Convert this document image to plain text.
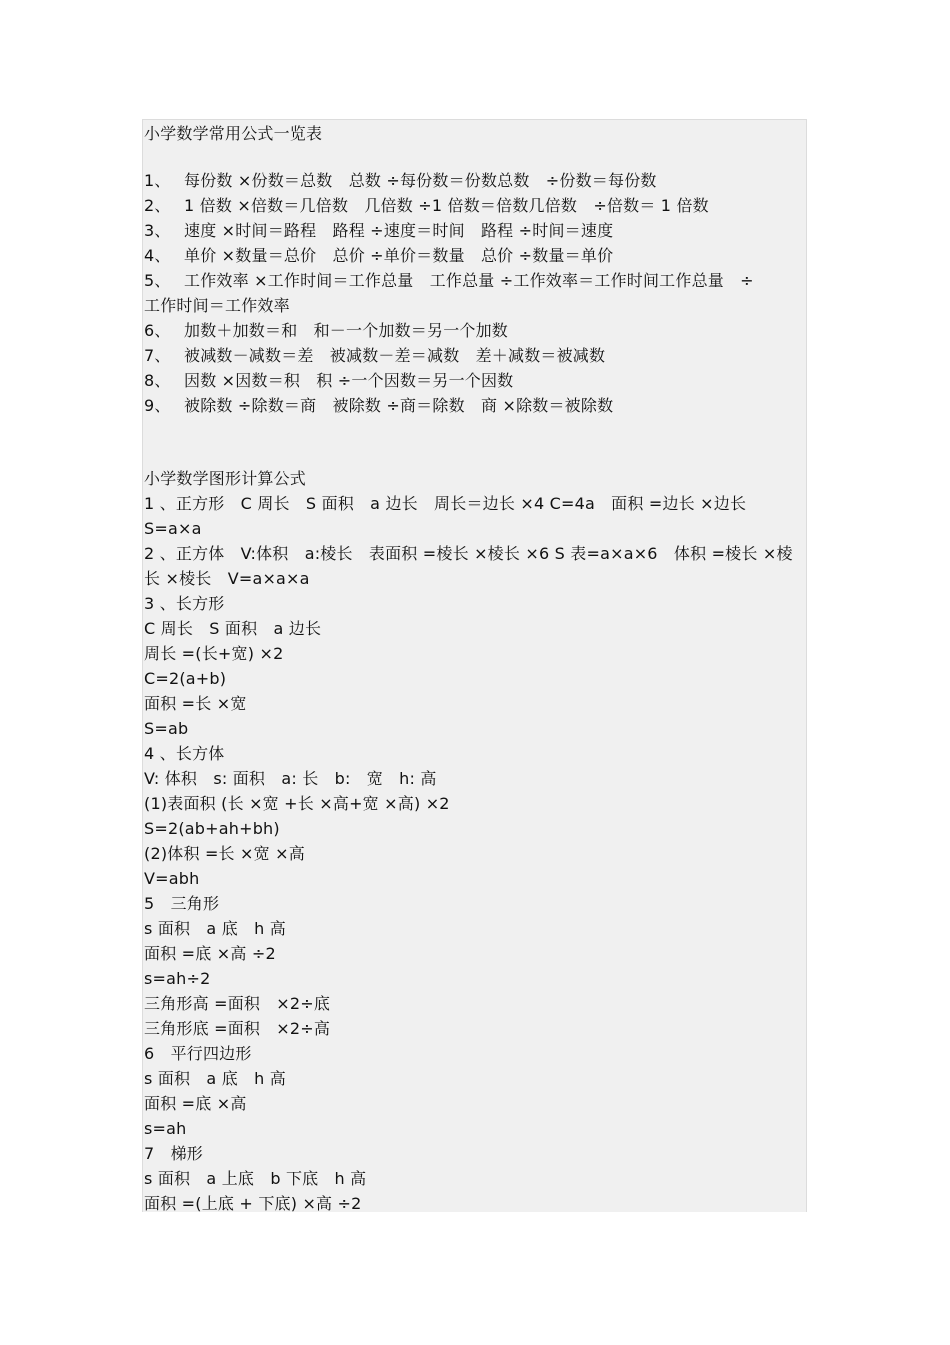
小学数学常用公式一览表
1、 每份数 ×份数＝总数　总数 ÷每份数＝份数总数　÷份数＝每份数
2、 1 倍数 ×倍数＝几倍数　几倍数 ÷1 倍数＝倍数几倍数　÷倍数＝ 1 倍数
3、 速度 ×时间＝路程　路程 ÷速度＝时间　路程 ÷时间＝速度
4、 单价 ×数量＝总价　总价 ÷单价＝数量　总价 ÷数量＝单价
5、 工作效率 ×工作时间＝工作总量　工作总量 ÷工作效率＝工作时间工作总量　÷
工作时间＝工作效率
6、 加数＋加数＝和　和－一个加数＝另一个加数
7、 被减数－减数＝差　被减数－差＝减数　差＋减数＝被减数
8、 因数 ×因数＝积　积 ÷一个因数＝另一个因数
9、 被除数 ÷除数＝商　被除数 ÷商＝除数　商 ×除数＝被除数
小学数学图形计算公式
1 、正方形　C 周长　S 面积　a 边长　周长＝边长 ×4 C=4a　面积 =边长 ×边长
S=a×a
2 、正方体　V:体积　a:棱长　表面积 =棱长 ×棱长 ×6 S 表=a×a×6　体积 =棱长 ×棱
长 ×棱长　V=a×a×a
3 、长方形
C 周长　S 面积　a 边长
周长 =(长+宽) ×2
C=2(a+b)
面积 =长 ×宽
S=ab
4 、长方体
V: 体积　s: 面积　a: 长　b:　宽　h: 高
(1)表面积 (长 ×宽 +长 ×高+宽 ×高) ×2
S=2(ab+ah+bh)
(2)体积 =长 ×宽 ×高
V=abh
5　三角形
s 面积　a 底　h 高
面积 =底 ×高 ÷2
s=ah÷2
三角形高 =面积　×2÷底
三角形底 =面积　×2÷高
6　平行四边形
s 面积　a 底　h 高
面积 =底 ×高
s=ah
7　梯形
s 面积　a 上底　b 下底　h 高
面积 =(上底 + 下底) ×高 ÷2
